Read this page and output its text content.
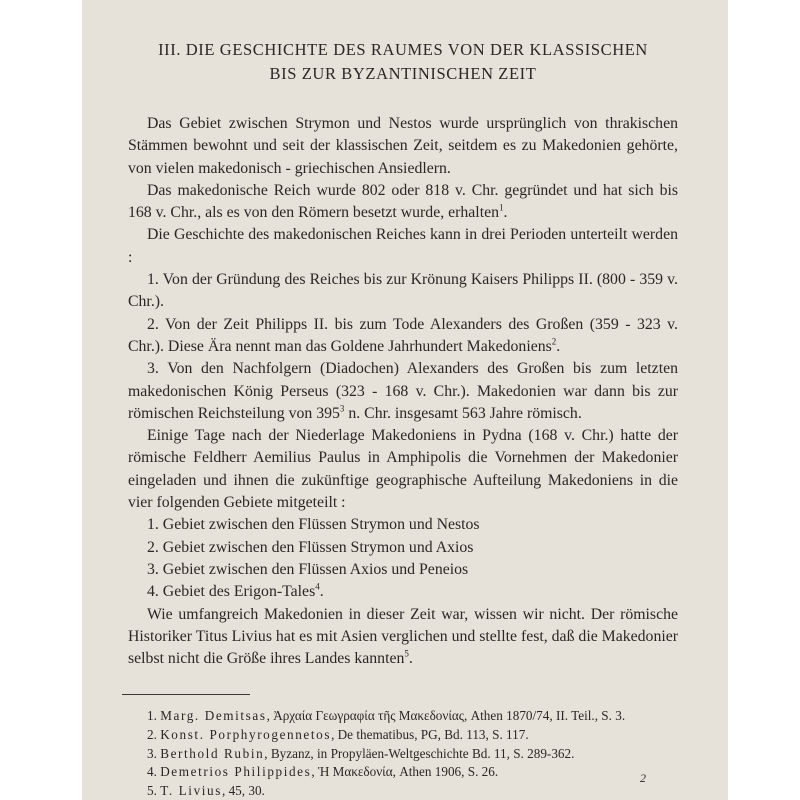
III. DIE GESCHICHTE DES RAUMES VON DER KLASSISCHEN
BIS ZUR BYZANTINISCHEN ZEIT

Das Gebiet zwischen Strymon und Nestos wurde ursprünglich von thrakischen Stämmen bewohnt und seit der klassischen Zeit, seitdem es zu Makedonien gehörte, von vielen makedonisch - griechischen Ansiedlern.

Das makedonische Reich wurde 802 oder 818 v. Chr. gegründet und hat sich bis 168 v. Chr., als es von den Römern besetzt wurde, erhalten$^1$.

Die Geschichte des makedonischen Reiches kann in drei Perioden unterteilt werden :

1. Von der Gründung des Reiches bis zur Krönung Kaisers Philipps II. (800 - 359 v. Chr.).

2. Von der Zeit Philipps II. bis zum Tode Alexanders des Großen (359 - 323 v. Chr.). Diese Ära nennt man das Goldene Jahrhundert Makedoniens$^2$.

3. Von den Nachfolgern (Diadochen) Alexanders des Großen bis zum letzten makedonischen König Perseus (323 - 168 v. Chr.). Makedonien war dann bis zur römischen Reichsteilung von $395^3$ n. Chr. insgesamt 563 Jahre römisch.

Einige Tage nach der Niederlage Makedoniens in Pydna (168 v. Chr.) hatte der römische Feldherr Aemilius Paulus in Amphipolis die Vornehmen der Makedonier eingeladen und ihnen die zukünftige geographische Aufteilung Makedoniens in die vier folgenden Gebiete mitgeteilt :

1. Gebiet zwischen den Flüssen Strymon und Nestos

2. Gebiet zwischen den Flüssen Strymon und Axios

3. Gebiet zwischen den Flüssen Axios und Peneios

4. Gebiet des Erigon-Tales$^4$.

Wie umfangreich Makedonien in dieser Zeit war, wissen wir nicht. Der römische Historiker Titus Livius hat es mit Asien verglichen und stellte fest, daß die Makedonier selbst nicht die Größe ihres Landes kannten$^5$.

1. Marg. Demitsas, Ἀρχαία Γεωγραφία τῆς Μακεδονίας, Athen 1870/74, II. Teil., S. 3.

2. Konst. Porphyrogennetos, De thematibus, PG, Bd. 113, S. 117.

3. Berthold Rubin, Byzanz, in Propyläen-Weltgeschichte Bd. 11, S. 289-362.

4. Demetrios Philippides, Ἡ Μακεδονία, Athen 1906, S. 26.

5. T. Livius, 45, 30.

2
